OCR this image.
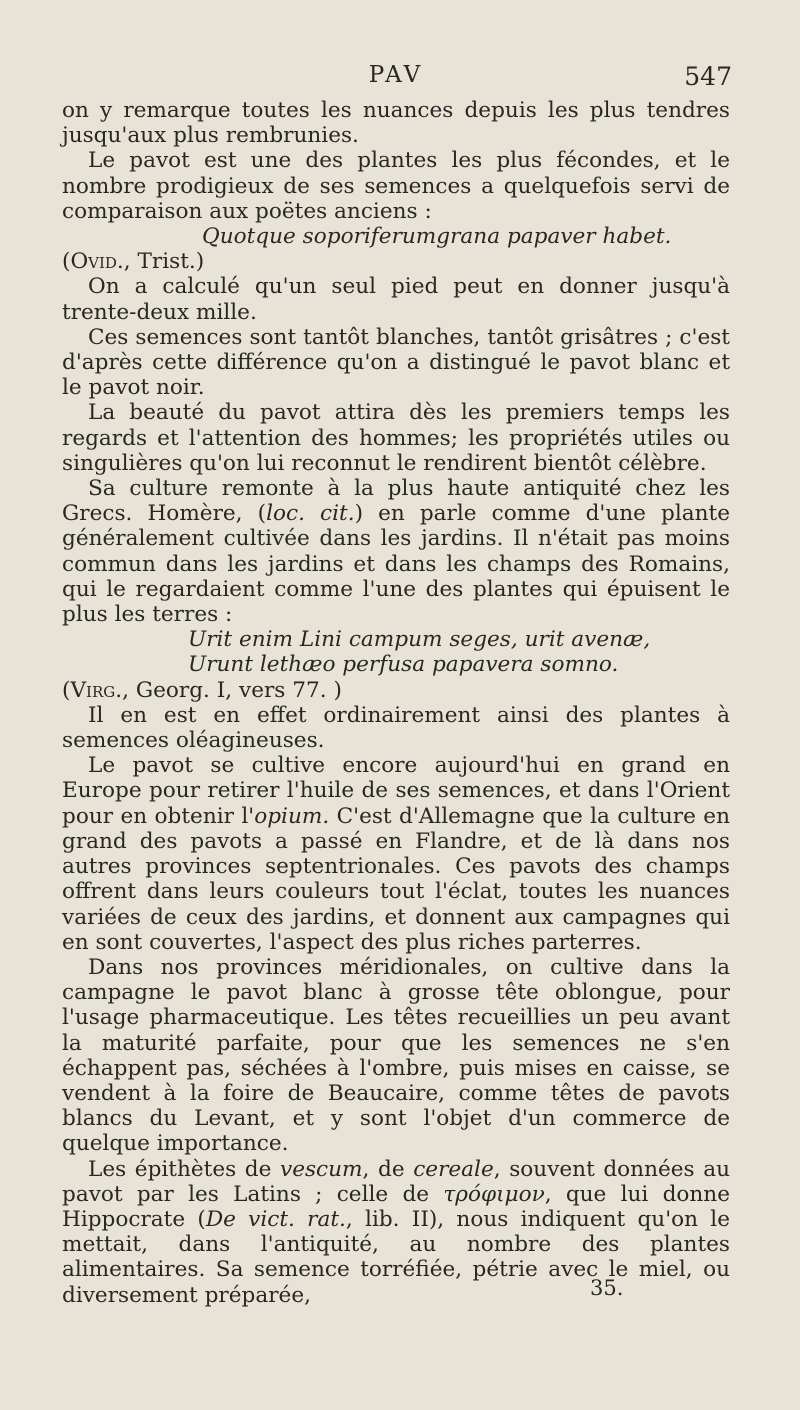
PAV	547

on y remarque toutes les nuances depuis les plus tendres jusqu'aux plus rembrunies.

Le pavot est une des plantes les plus fécondes, et le nombre prodigieux de ses semences a quelquefois servi de comparaison aux poëtes anciens :

Quotque soporiferumgrana papaver habet.

(Ovid., Trist.)

On a calculé qu'un seul pied peut en donner jusqu'à trente-deux mille.

Ces semences sont tantôt blanches, tantôt grisâtres ; c'est d'après cette différence qu'on a distingué le pavot blanc et le pavot noir.

La beauté du pavot attira dès les premiers temps les regards et l'attention des hommes; les propriétés utiles ou singulières qu'on lui reconnut le rendirent bientôt célèbre.

Sa culture remonte à la plus haute antiquité chez les Grecs. Homère, (loc. cit.) en parle comme d'une plante généralement cultivée dans les jardins. Il n'était pas moins commun dans les jardins et dans les champs des Romains, qui le regardaient comme l'une des plantes qui épuisent le plus les terres :

Urit enim Lini campum seges, urit avenæ,

Urunt lethæo perfusa papavera somno.

(Virg., Georg. I, vers 77. )

Il en est en effet ordinairement ainsi des plantes à semences oléagineuses.

Le pavot se cultive encore aujourd'hui en grand en Europe pour retirer l'huile de ses semences, et dans l'Orient pour en obtenir l'opium. C'est d'Allemagne que la culture en grand des pavots a passé en Flandre, et de là dans nos autres provinces septentrionales. Ces pavots des champs offrent dans leurs couleurs tout l'éclat, toutes les nuances variées de ceux des jardins, et donnent aux campagnes qui en sont couvertes, l'aspect des plus riches parterres.

Dans nos provinces méridionales, on cultive dans la campagne le pavot blanc à grosse tête oblongue, pour l'usage pharmaceutique. Les têtes recueillies un peu avant la maturité parfaite, pour que les semences ne s'en échappent pas, séchées à l'ombre, puis mises en caisse, se vendent à la foire de Beaucaire, comme têtes de pavots blancs du Levant, et y sont l'objet d'un commerce de quelque importance.

Les épithètes de vescum, de cereale, souvent données au pavot par les Latins ; celle de τρόφιμον, que lui donne Hippocrate (De vict. rat., lib. II), nous indiquent qu'on le mettait, dans l'antiquité, au nombre des plantes alimentaires. Sa semence torréfiée, pétrie avec le miel, ou diversement préparée,	35.
